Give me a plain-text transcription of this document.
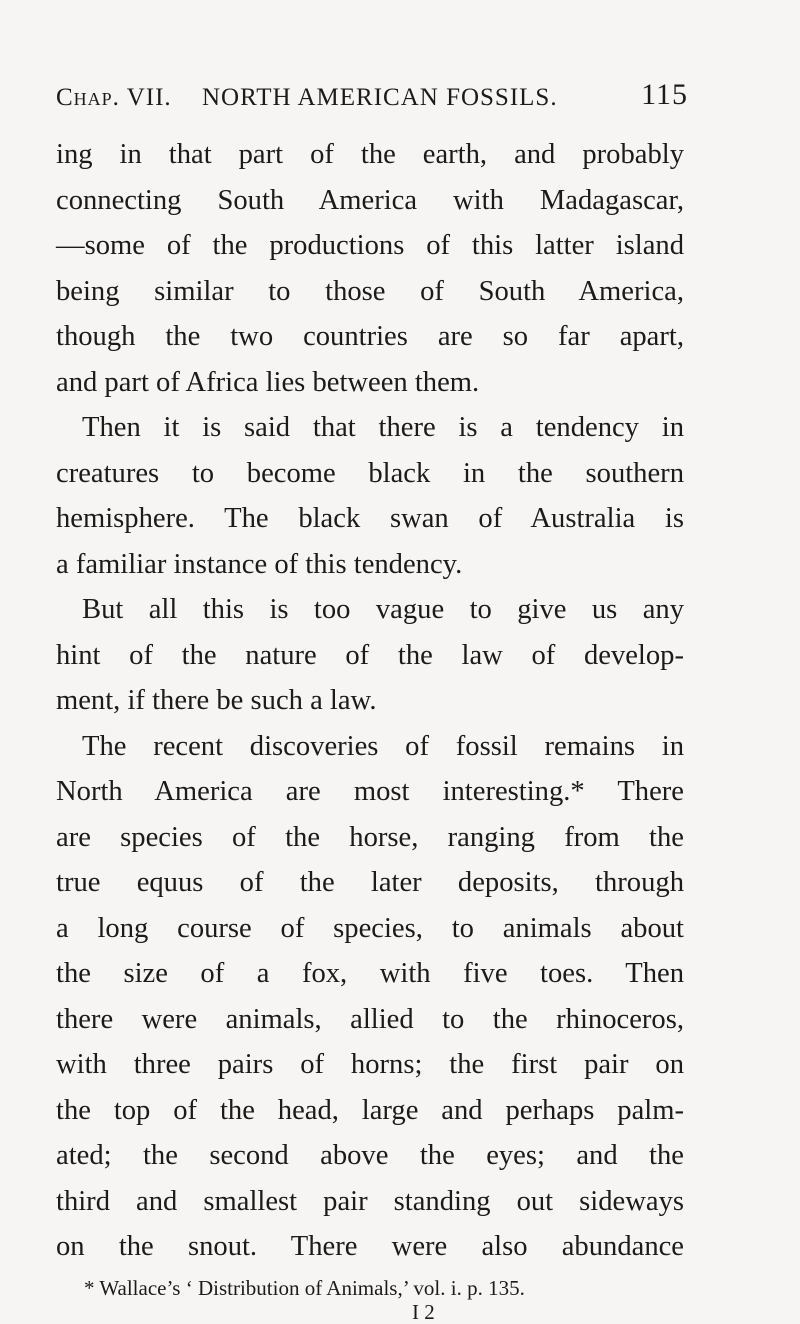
Chap. VII. NORTH AMERICAN FOSSILS.	115
ing in that part of the earth, and probably
connecting South America with Madagascar,
—some of the productions of this latter island
being similar to those of South America,
though the two countries are so far apart,
and part of Africa lies between them.
Then it is said that there is a tendency in
creatures to become black in the southern
hemisphere. The black swan of Australia is
a familiar instance of this tendency.
But all this is too vague to give us any
hint of the nature of the law of develop-
ment, if there be such a law.
The recent discoveries of fossil remains in
North America are most interesting.* There
are species of the horse, ranging from the
true equus of the later deposits, through
a long course of species, to animals about
the size of a fox, with five toes. Then
there were animals, allied to the rhinoceros,
with three pairs of horns; the first pair on
the top of the head, large and perhaps palm-
ated; the second above the eyes; and the
third and smallest pair standing out sideways
on the snout. There were also abundance
* Wallace’s ‘ Distribution of Animals,’ vol. i. p. 135.
I 2
